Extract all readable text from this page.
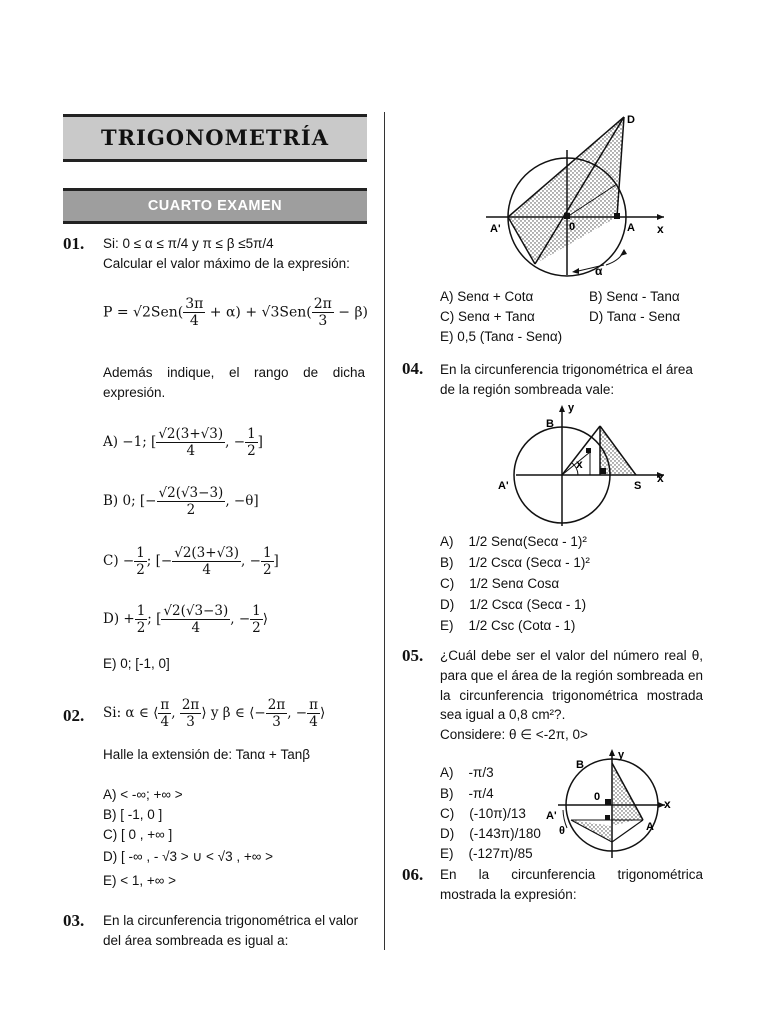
TRIGONOMETRÍA
CUARTO EXAMEN
01. Si: 0 ≤ α ≤ π/4 y π ≤ β ≤5π/4
Calcular el valor máximo de la expresión:
$P = √2Sen( \frac{3\pi}{4} + \alpha) + √3Sen( \frac{2\pi}{3} - \beta)$
Además indique, el rango de dicha
expresión.
A) −1; [ $\frac{√2(3+√3)}{4}$ , − $\frac{1}{2}$ ]
B) 0; [− $\frac{√2(√3-3)}{2}$ , −θ]
$C) - \frac{1}{2}$ ; [− $\frac{√2(3+√3)}{4}$ , − $\frac{1}{2}$ ]
$D) + \frac{1}{2}$ ; [ $\frac{√2(√3-3)}{4}$ , − $\frac{1}{2}$ ⟩
E) 0; [-1, 0]
02. Si: α ∈ ⟨ $\frac{\pi}{4}$ , $\frac{2\pi}{3}$ ⟩ y β ∈ ⟨− $\frac{2\pi}{3}$ , − $\frac{\pi}{4}$ ⟩
Halle la extensión de: Tanα + Tanβ
A) < -∞; +∞ >
B) [ -1, 0 ]
C) [ 0 , +∞ ]
D) [ -∞ , - √3 > ∪ < √3 , +∞ >
E) < 1, +∞ >
03. En la circunferencia trigonométrica el valor
del área sombreada es igual a:
D
A'	0	A x
α
A) Senα + Cotα	B) Senα - Tanα
C) Senα + Tanα	D) Tanα - Senα
E) 0,5 (Tanα - Senα)
04. En la circunferencia trigonométrica el área
de la región sombreada vale:
y
B
x
A'	S
x
A)    1/2 Senα(Secα - 1)²
B)    1/2 Cscα (Secα - 1)²
C)    1/2 Senα Cosα
D)    1/2 Cscα (Secα - 1)
E)    1/2 Csc (Cotα - 1)
05. ¿Cuál debe ser el valor del número real θ,
para que el área de la región sombreada en
la circunferencia trigonométrica mostrada
sea igual a 0,8 cm²?.
Considere: θ ∈ <-2π, 0>
y
B
0	x
A'
θ	A
A)    -π/3
B)    -π/4
C)    (-10π)/13
D)    (-143π)/180
E)    (-127π)/85
06. En la circunferencia trigonométrica
mostrada la expresión:
